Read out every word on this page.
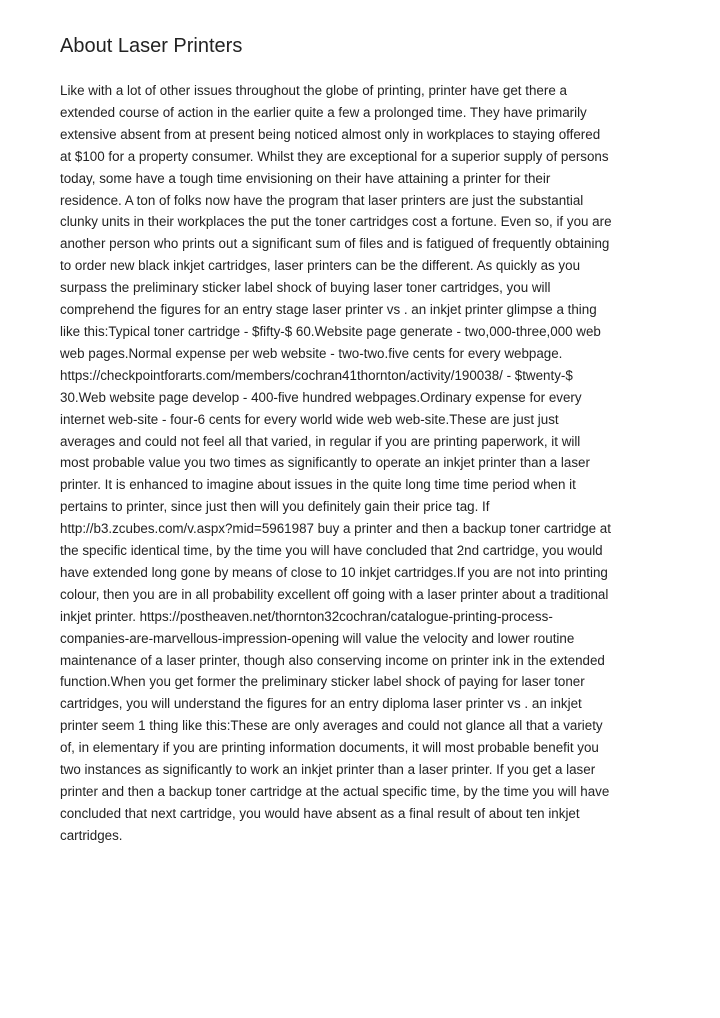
About Laser Printers
Like with a lot of other issues throughout the globe of printing, printer have get there a
extended course of action in the earlier quite a few a prolonged time. They have primarily
extensive absent from at present being noticed almost only in workplaces to staying offered
at $100 for a property consumer. Whilst they are exceptional for a superior supply of persons
today, some have a tough time envisioning on their have attaining a printer for their
residence. A ton of folks now have the program that laser printers are just the substantial
clunky units in their workplaces the put the toner cartridges cost a fortune. Even so, if you are
another person who prints out a significant sum of files and is fatigued of frequently obtaining
to order new black inkjet cartridges, laser printers can be the different. As quickly as you
surpass the preliminary sticker label shock of buying laser toner cartridges, you will
comprehend the figures for an entry stage laser printer vs . an inkjet printer glimpse a thing
like this:Typical toner cartridge - $fifty-$ 60.Website page generate - two,000-three,000 web
web pages.Normal expense per web website - two-two.five cents for every webpage.
https://checkpointforarts.com/members/cochran41thornton/activity/190038/ - $twenty-$
30.Web website page develop - 400-five hundred webpages.Ordinary expense for every
internet web-site - four-6 cents for every world wide web web-site.These are just just
averages and could not feel all that varied, in regular if you are printing paperwork, it will
most probable value you two times as significantly to operate an inkjet printer than a laser
printer. It is enhanced to imagine about issues in the quite long time time period when it
pertains to printer, since just then will you definitely gain their price tag. If
http://b3.zcubes.com/v.aspx?mid=5961987 buy a printer and then a backup toner cartridge at
the specific identical time, by the time you will have concluded that 2nd cartridge, you would
have extended long gone by means of close to 10 inkjet cartridges.If you are not into printing
colour, then you are in all probability excellent off going with a laser printer about a traditional
inkjet printer. https://postheaven.net/thornton32cochran/catalogue-printing-process-
companies-are-marvellous-impression-opening will value the velocity and lower routine
maintenance of a laser printer, though also conserving income on printer ink in the extended
function.When you get former the preliminary sticker label shock of paying for laser toner
cartridges, you will understand the figures for an entry diploma laser printer vs . an inkjet
printer seem 1 thing like this:These are only averages and could not glance all that a variety
of, in elementary if you are printing information documents, it will most probable benefit you
two instances as significantly to work an inkjet printer than a laser printer. If you get a laser
printer and then a backup toner cartridge at the actual specific time, by the time you will have
concluded that next cartridge, you would have absent as a final result of about ten inkjet
cartridges.
